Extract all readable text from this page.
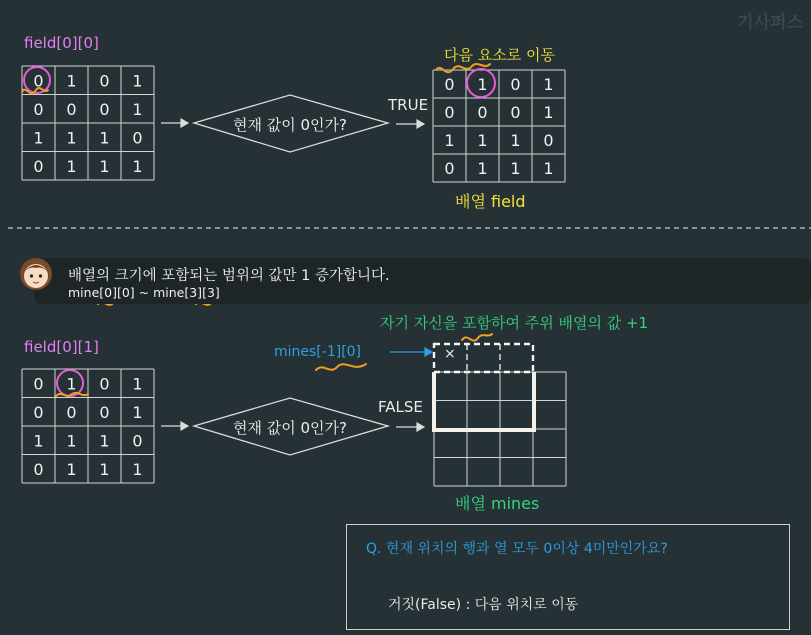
0 1 0 1
0 0 0 1
1 1 1 0
0 1 1 1
0 1 0 1
0 0 0 1
1 1 1 0
0 1 1 1
0 1 0 1
0 0 0 1
1 1 1 0
0 1 1 1
기사퍼스
field[0][0]
현재 값이 0인가?
TRUE
다음 요소로 이동
배열 field
배열의 크기에 포함되는 범위의 값만 1 증가합니다.
mine[0][0] ~ mine[3][3]
자기 자신을 포함하여 주위 배열의 값 +1
field[0][1]	mines[-1][0]	×
현재 값이 0인가?
FALSE
배열 mines
Q. 현재 위치의 행과 열 모두 0이상 4미만인가요?
거짓(False) : 다음 위치로 이동
